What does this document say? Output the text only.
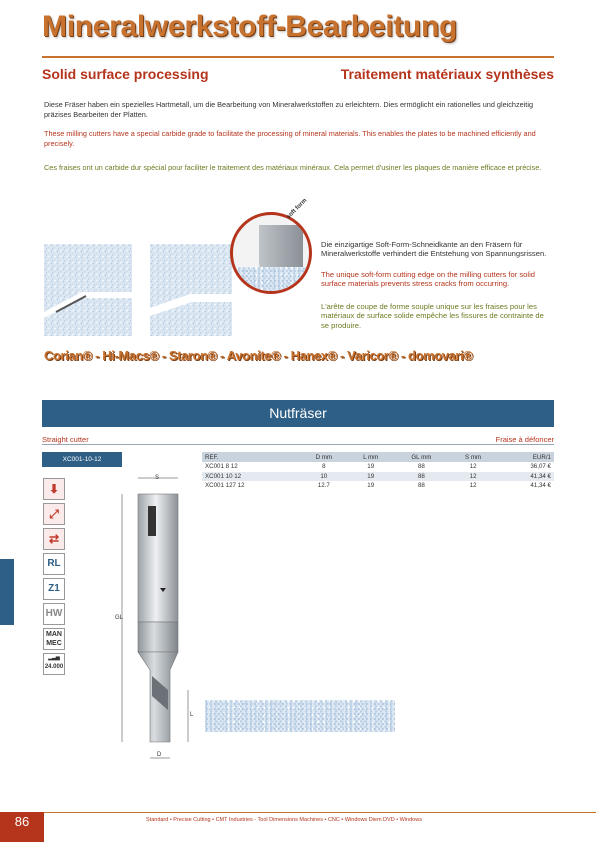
Mineralwerkstoff-Bearbeitung
Solid surface processing	Traitement matériaux synthèses

Diese Fräser haben ein spezielles Hartmetall, um die Bearbeitung von Mineralwerkstoffen zu erleichtern. Dies ermöglicht ein rationelles und gleichzeitig präzises Bearbeiten der Platten.

These milling cutters have a special carbide grade to facilitate the processing of mineral materials. This enables the plates to be machined efficiently and precisely.

Ces fraises ont un carbide dur spécial pour faciliter le traitement des matériaux minéraux. Cela permet d'usiner les plaques de manière efficace et précise.

soft form

Die einzigartige Soft-Form-Schneidkante an den Fräsern für Mineralwerkstoffe verhindert die Entstehung von Spannungsrissen.

The unique soft-form cutting edge on the milling cutters for solid surface materials prevents stress cracks from occurring.

L'arête de coupe de forme souple unique sur les fraises pour les matériaux de surface solide empêche les fissures de contrainte de se produire.

Corian® - Hi-Macs® - Staron® - Avonite® - Hanex® - Varicor® - domovari®
Nutfräser
Straight cutter	Fraise à défoncer
XC001-10-12
⬇
⤢
⇄
RL
Z1
HW
MAN
MEC
▂▃▅
24.000
S
GL
L
D
REF.	D mm	L mm	GL mm	S mm	EUR/1
XC001 8 12	8	19	88	12	36,07 €
XC001 10 12	10	19	88	12	41,34 €
XC001 127 12	12.7	19	88	12	41,34 €
86	Standard • Precise Cutting • CMT Industries - Tool Dimensions Machines • CNC • Windows Diem DVD • Windows
